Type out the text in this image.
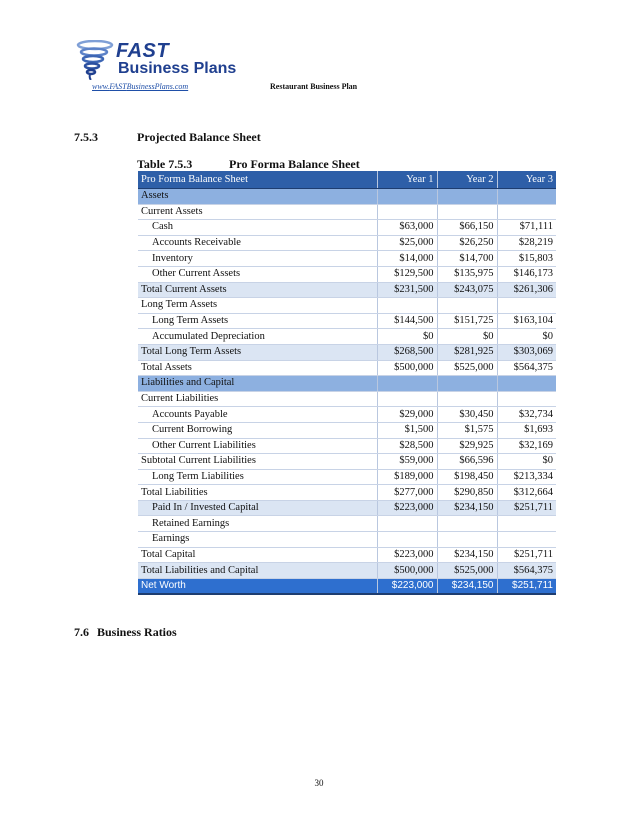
FAST
Business Plans
www.FASTBusinessPlans.com	Restaurant Business Plan
7.5.3	Projected Balance Sheet
Table 7.5.3	Pro Forma Balance Sheet
Pro Forma Balance Sheet	Year 1	Year 2	Year 3
Assets			
Current Assets			
Cash	$63,000	$66,150	$71,111
Accounts Receivable	$25,000	$26,250	$28,219
Inventory	$14,000	$14,700	$15,803
Other Current Assets	$129,500	$135,975	$146,173
Total Current Assets	$231,500	$243,075	$261,306
Long Term Assets			
Long Term Assets	$144,500	$151,725	$163,104
Accumulated Depreciation	$0	$0	$0
Total Long Term Assets	$268,500	$281,925	$303,069
Total Assets	$500,000	$525,000	$564,375
Liabilities and Capital			
Current Liabilities			
Accounts Payable	$29,000	$30,450	$32,734
Current Borrowing	$1,500	$1,575	$1,693
Other Current Liabilities	$28,500	$29,925	$32,169
Subtotal Current Liabilities	$59,000	$66,596	$0
Long Term Liabilities	$189,000	$198,450	$213,334
Total Liabilities	$277,000	$290,850	$312,664
Paid In / Invested Capital	$223,000	$234,150	$251,711
Retained Earnings			
Earnings			
Total Capital	$223,000	$234,150	$251,711
Total Liabilities and Capital	$500,000	$525,000	$564,375
Net Worth	$223,000	$234,150	$251,711
7.6 Business Ratios
30
